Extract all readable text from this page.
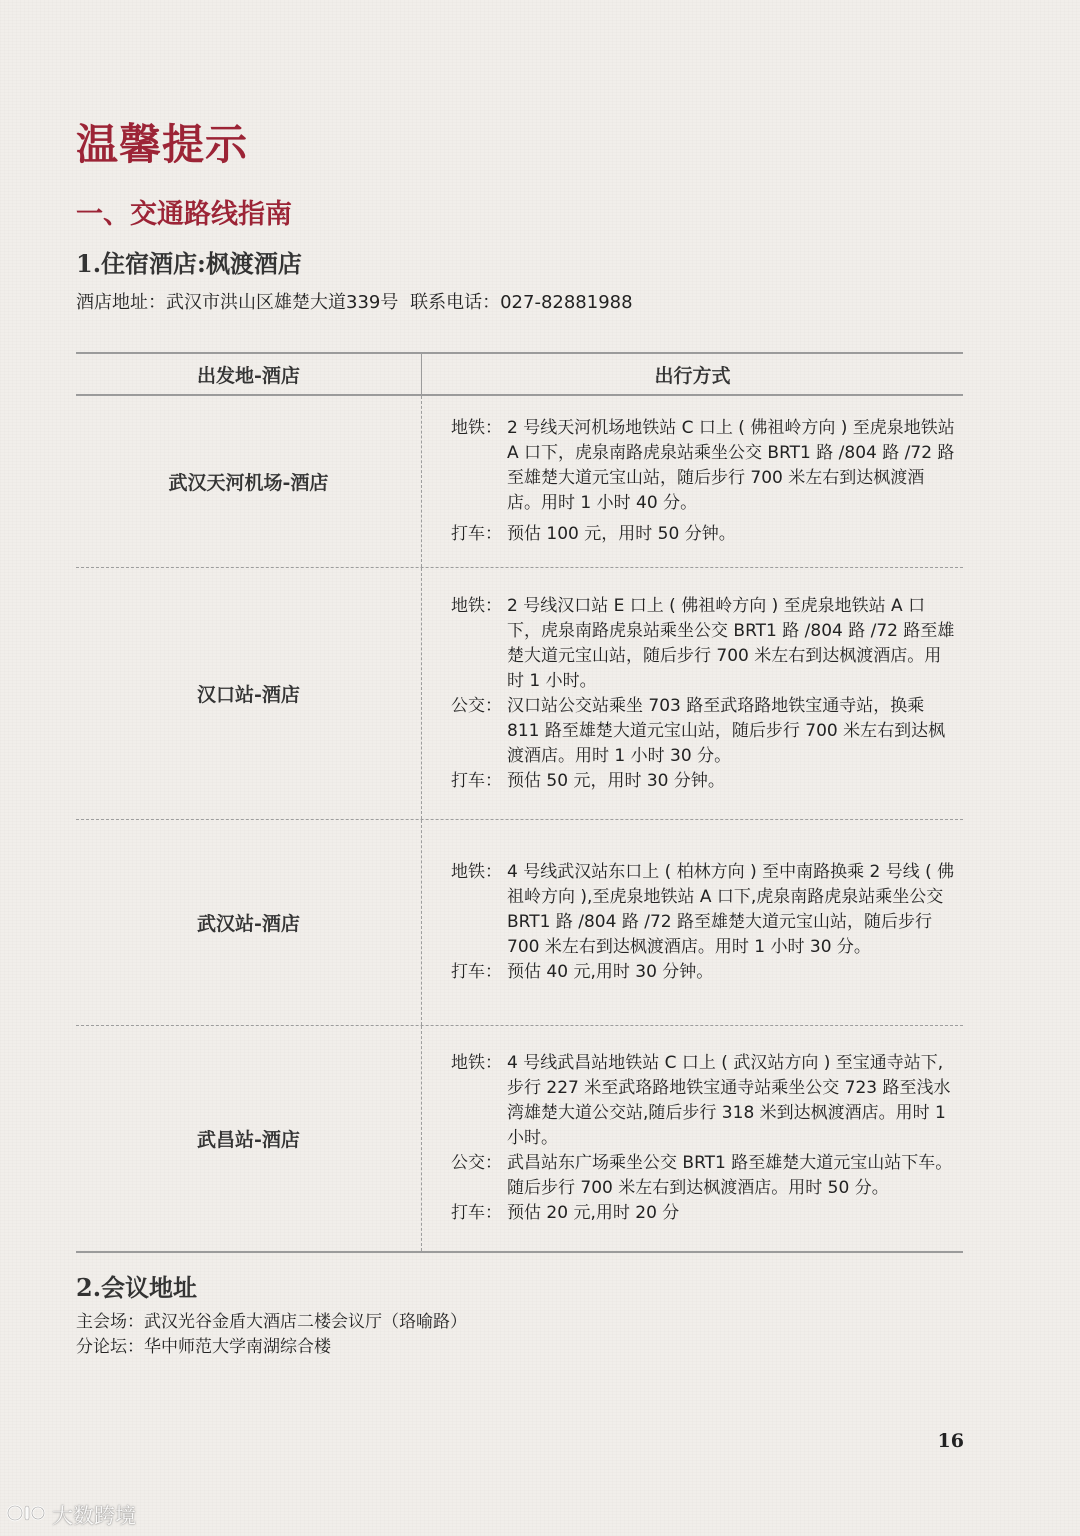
温馨提示
一、交通路线指南
1.住宿酒店:枫渡酒店
酒店地址：武汉市洪山区雄楚大道339号 联系电话：027-82881988
出发地-酒店	出行方式
武汉天河机场-酒店
地铁： 2 号线天河机场地铁站 C 口上 ( 佛祖岭方向 ) 至虎泉地铁站 A 口下，虎泉南路虎泉站乘坐公交 BRT1 路 /804 路 /72 路至雄楚大道元宝山站，随后步行 700 米左右到达枫渡酒店。用时 1 小时 40 分。
打车： 预估 100 元，用时 50 分钟。
汉口站-酒店
地铁： 2 号线汉口站 E 口上 ( 佛祖岭方向 ) 至虎泉地铁站 A 口下，虎泉南路虎泉站乘坐公交 BRT1 路 /804 路 /72 路至雄楚大道元宝山站，随后步行 700 米左右到达枫渡酒店。用时 1 小时。
公交： 汉口站公交站乘坐 703 路至武珞路地铁宝通寺站，换乘 811 路至雄楚大道元宝山站，随后步行 700 米左右到达枫渡酒店。用时 1 小时 30 分。
打车： 预估 50 元，用时 30 分钟。
武汉站-酒店
地铁： 4 号线武汉站东口上 ( 柏林方向 ) 至中南路换乘 2 号线 ( 佛祖岭方向 ),至虎泉地铁站 A 口下,虎泉南路虎泉站乘坐公交 BRT1 路 /804 路 /72 路至雄楚大道元宝山站，随后步行 700 米左右到达枫渡酒店。用时 1 小时 30 分。
打车： 预估 40 元,用时 30 分钟。
武昌站-酒店
地铁： 4 号线武昌站地铁站 C 口上 ( 武汉站方向 ) 至宝通寺站下,步行 227 米至武珞路地铁宝通寺站乘坐公交 723 路至浅水湾雄楚大道公交站,随后步行 318 米到达枫渡酒店。用时 1 小时。
公交： 武昌站东广场乘坐公交 BRT1 路至雄楚大道元宝山站下车。随后步行 700 米左右到达枫渡酒店。用时 50 分。
打车： 预估 20 元,用时 20 分
2.会议地址
主会场：武汉光谷金盾大酒店二楼会议厅（珞喻路）
分论坛：华中师范大学南湖综合楼
16
大数跨境
